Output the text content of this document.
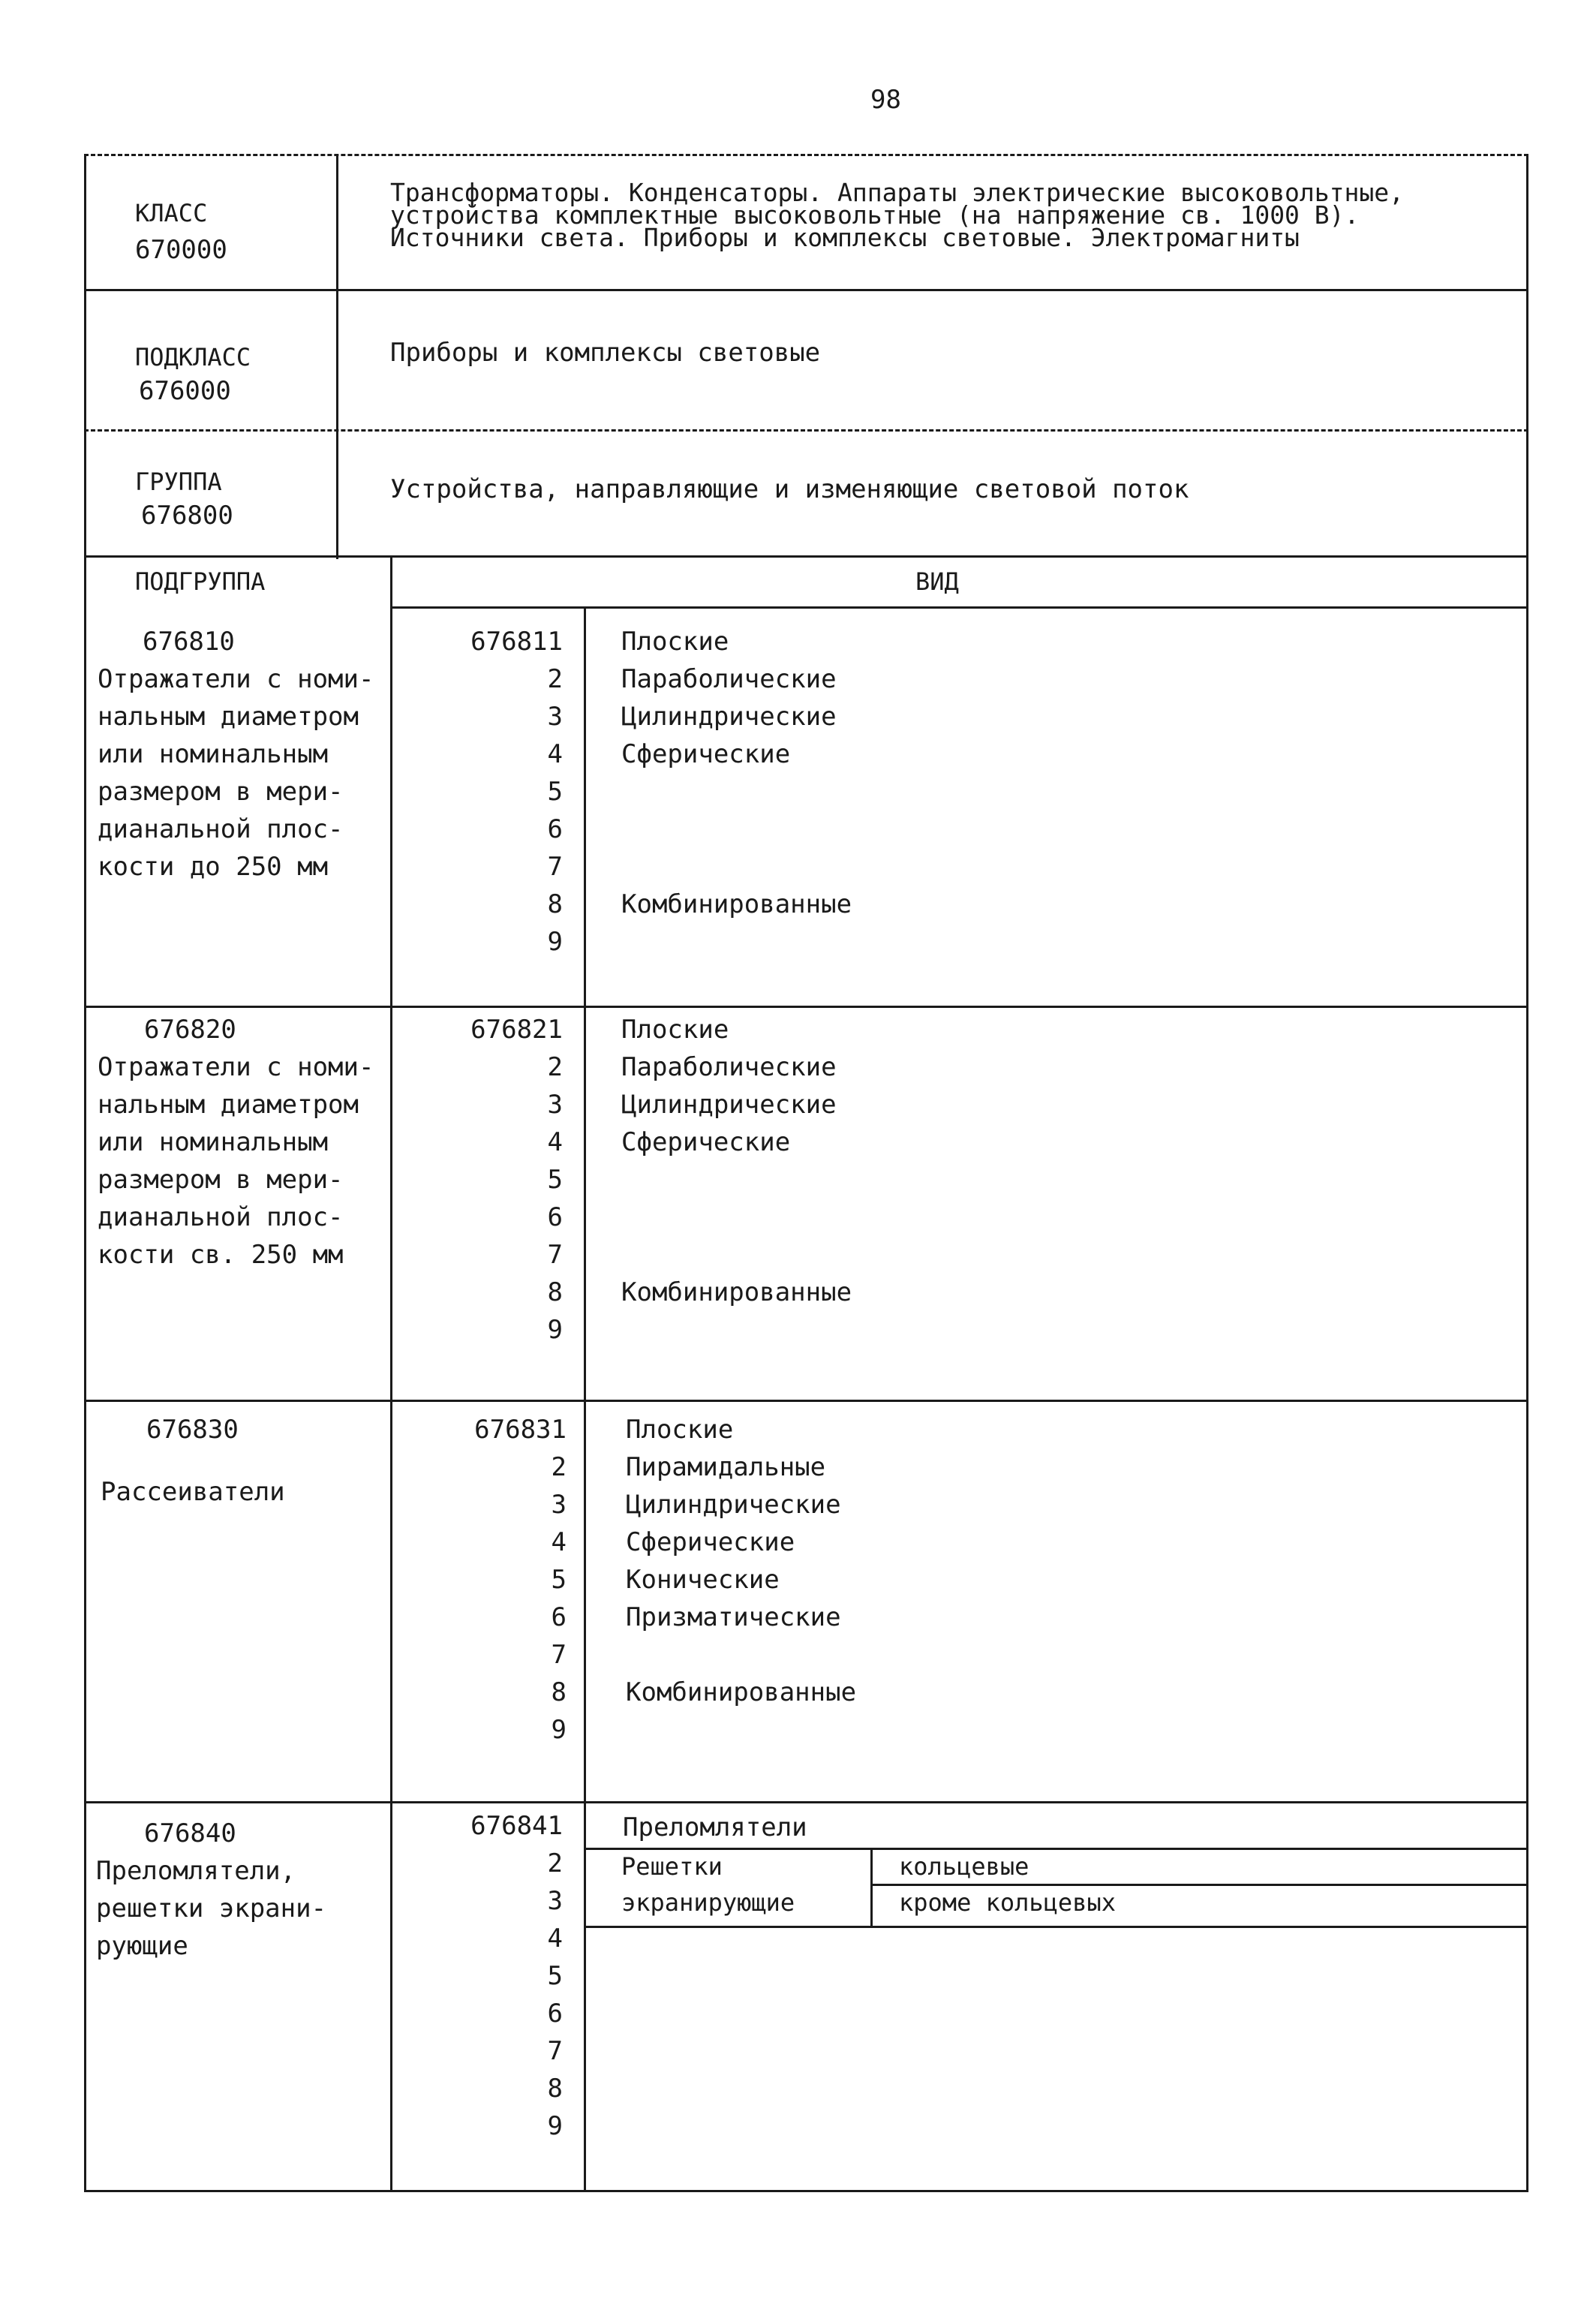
98
КЛАСС
670000
Трансформаторы. Конденсаторы. Аппараты электрические высоковольтные,
устройства комплектные высоковольтные (на напряжение св. 1000 В).
Источники света. Приборы и комплексы световые. Электромагниты
ПОДКЛАСС
676000
Приборы и комплексы световые
ГРУППА
676800
Устройства, направляющие и изменяющие световой поток
ПОДГРУППА	ВИД
676810
Отражатели с номи-
нальным диаметром
или номинальным
размером в мери-
дианальной плос-
кости до 250 мм
676811
2
3
4
5
6
7
8
9
Плоские
Параболические
Цилиндрические
Сферические
Комбинированные
676820
Отражатели с номи-
нальным диаметром
или номинальным
размером в мери-
дианальной плос-
кости св. 250 мм
676821
2
3
4
5
6
7
8
9
Плоские
Параболические
Цилиндрические
Сферические
Комбинированные
676830
Рассеиватели
676831
2
3
4
5
6
7
8
9
Плоские
Пирамидальные
Цилиндрические
Сферические
Конические
Призматические
Комбинированные
676840
Преломлятели,
решетки экрани-
рующие
676841
2
3
4
5
6
7
8
9
Преломлятели
Решетки
экранирующие
кольцевые
кроме кольцевых
